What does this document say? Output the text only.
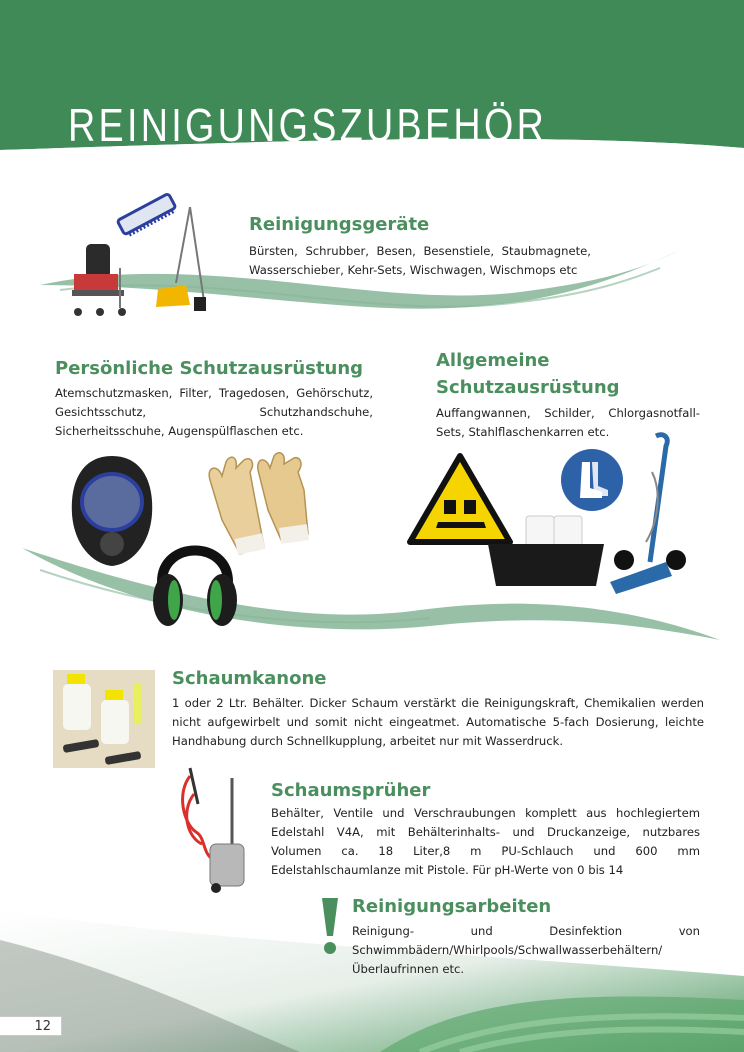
REINIGUNGSZUBEHÖR
Reinigungsgeräte

Bürsten, Schrubber, Besen, Besenstiele, Staubmagnete, Wasserschieber, Kehr-Sets, Wischwagen, Wischmops etc

Persönliche Schutzausrüstung

Atemschutzmasken, Filter, Tragedosen, Gehörschutz, Gesichtsschutz, Schutzhandschuhe, Sicherheitsschuhe, Augenspülflaschen etc.

Allgemeine
Schutzausrüstung

Auffangwannen, Schilder, Chlorgasnotfall-Sets, Stahlflaschenkarren etc.

Schaumkanone

1 oder 2 Ltr. Behälter. Dicker Schaum verstärkt die Reinigungskraft, Chemikalien werden nicht aufgewirbelt und somit nicht eingeatmet. Automatische 5-fach Dosierung, leichte Handhabung durch Schnellkupplung, arbeitet nur mit Wasserdruck.

Schaumsprüher

Behälter, Ventile und Verschraubungen komplett aus hochlegiertem Edelstahl V4A, mit Behälterinhalts- und Druckanzeige, nutzbares Volumen ca. 18 Liter,8 m PU-Schlauch und 600 mm Edelstahlschaumlanze mit Pistole. Für pH-Werte von 0 bis 14

Reinigungsarbeiten

Reinigung- und Desinfektion von Schwimmbädern/Whirlpools/Schwallwasserbehältern/Überlaufrinnen etc.

12
